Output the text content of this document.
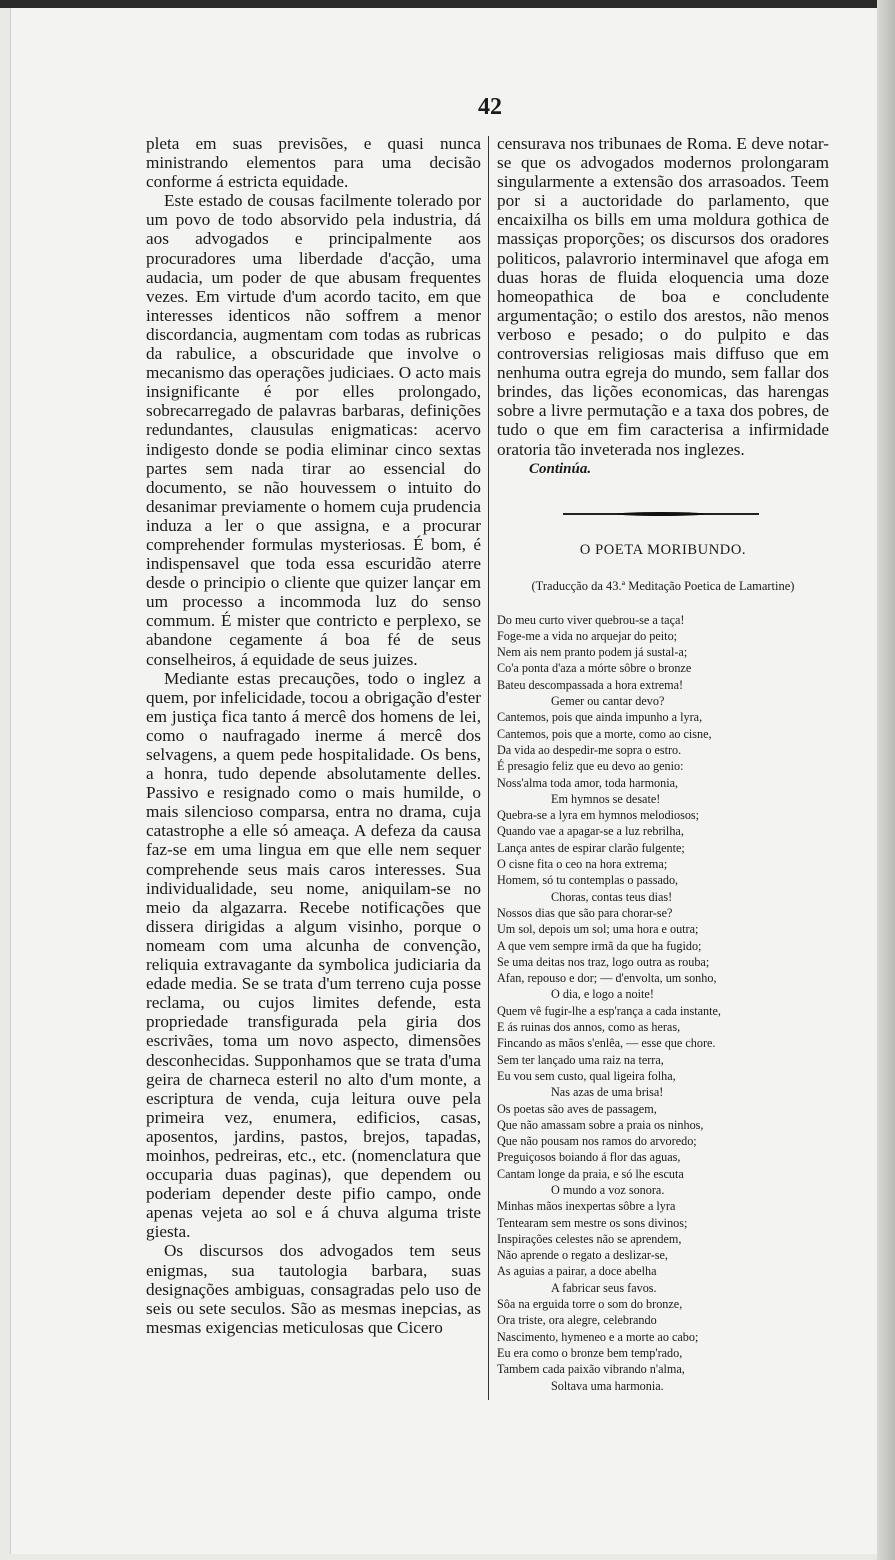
42

pleta em suas previsões, e quasi nunca ministrando elementos para uma decisão conforme á estricta equidade.

Este estado de cousas facilmente tolerado por um povo de todo absorvido pela industria, dá aos advogados e principalmente aos procuradores uma liberdade d'acção, uma audacia, um poder de que abusam frequentes vezes. Em virtude d'um acordo tacito, em que interesses identicos não soffrem a menor discordancia, augmentam com todas as rubricas da rabulice, a obscuridade que involve o mecanismo das operações judiciaes. O acto mais insignificante é por elles prolongado, sobrecarregado de palavras barbaras, definições redundantes, clausulas enigmaticas: acervo indigesto donde se podia eliminar cinco sextas partes sem nada tirar ao essencial do documento, se não houvessem o intuito do desanimar previamente o homem cuja prudencia induza a ler o que assigna, e a procurar comprehender formulas mysteriosas. É bom, é indispensavel que toda essa escuridão aterre desde o principio o cliente que quizer lançar em um processo a incommoda luz do senso commum. É mister que contricto e perplexo, se abandone cegamente á boa fé de seus conselheiros, á equidade de seus juizes.

Mediante estas precauções, todo o inglez a quem, por infelicidade, tocou a obrigação d'ester em justiça fica tanto á mercê dos homens de lei, como o naufragado inerme á mercê dos selvagens, a quem pede hospitalidade. Os bens, a honra, tudo depende absolutamente delles. Passivo e resignado como o mais humilde, o mais silencioso comparsa, entra no drama, cuja catastrophe a elle só ameaça. A defeza da causa faz-se em uma lingua em que elle nem sequer comprehende seus mais caros interesses. Sua individualidade, seu nome, aniquilam-se no meio da algazarra. Recebe notificações que dissera dirigidas a algum visinho, porque o nomeam com uma alcunha de convenção, reliquia extravagante da symbolica judiciaria da edade media. Se se trata d'um terreno cuja posse reclama, ou cujos limites defende, esta propriedade transfigurada pela giria dos escrivães, toma um novo aspecto, dimensões desconhecidas. Supponhamos que se trata d'uma geira de charneca esteril no alto d'um monte, a escriptura de venda, cuja leitura ouve pela primeira vez, enumera, edificios, casas, aposentos, jardins, pastos, brejos, tapadas, moinhos, pedreiras, etc., etc. (nomenclatura que occuparia duas paginas), que dependem ou poderiam depender deste pifio campo, onde apenas vejeta ao sol e á chuva alguma triste giesta.

Os discursos dos advogados tem seus enigmas, sua tautologia barbara, suas designações ambiguas, consagradas pelo uso de seis ou sete seculos. São as mesmas inepcias, as mesmas exigencias meticulosas que Cicero

censurava nos tribunaes de Roma. E deve notar-se que os advogados modernos prolongaram singularmente a extensão dos arrasoados. Teem por si a auctoridade do parlamento, que encaixilha os bills em uma moldura gothica de massiças proporções; os discursos dos oradores politicos, palavrorio interminavel que afoga em duas horas de fluida eloquencia uma doze homeopathica de boa e concludente argumentação; o estilo dos arestos, não menos verboso e pesado; o do pulpito e das controversias religiosas mais diffuso que em nenhuma outra egreja do mundo, sem fallar dos brindes, das lições economicas, das harengas sobre a livre permutação e a taxa dos pobres, de tudo o que em fim caracterisa a infirmidade oratoria tão inveterada nos inglezes.

Continúa.
O POETA MORIBUNDO.
(Traducção da 43.ª Meditação Poetica de Lamartine)
Do meu curto viver quebrou-se a taça!
Foge-me a vida no arquejar do peito;
Nem ais nem pranto podem já sustal-a;
Co'a ponta d'aza a mórte sôbre o bronze
Bateu descompassada a hora extrema!
Gemer ou cantar devo?
Cantemos, pois que ainda impunho a lyra,
Cantemos, pois que a morte, como ao cisne,
Da vida ao despedir-me sopra o estro.
É presagio feliz que eu devo ao genio:
Noss'alma toda amor, toda harmonia,
Em hymnos se desate!
Quebra-se a lyra em hymnos melodiosos;
Quando vae a apagar-se a luz rebrilha,
Lança antes de espirar clarão fulgente;
O cisne fita o ceo na hora extrema;
Homem, só tu contemplas o passado,
Choras, contas teus dias!
Nossos dias que são para chorar-se?
Um sol, depois um sol; uma hora e outra;
A que vem sempre irmã da que ha fugido;
Se uma deitas nos traz, logo outra as rouba;
Afan, repouso e dor; — d'envolta, um sonho,
O dia, e logo a noite!
Quem vê fugir-lhe a esp'rança a cada instante,
E ás ruinas dos annos, como as heras,
Fincando as mãos s'enlêa, — esse que chore.
Sem ter lançado uma raiz na terra,
Eu vou sem custo, qual ligeira folha,
Nas azas de uma brisa!
Os poetas são aves de passagem,
Que não amassam sobre a praia os ninhos,
Que não pousam nos ramos do arvoredo;
Preguiçosos boiando á flor das aguas,
Cantam longe da praia, e só lhe escuta
O mundo a voz sonora.
Minhas mãos inexpertas sôbre a lyra
Tentearam sem mestre os sons divinos;
Inspirações celestes não se aprendem,
Não aprende o regato a deslizar-se,
As aguias a pairar, a doce abelha
A fabricar seus favos.
Sôa na erguida torre o som do bronze,
Ora triste, ora alegre, celebrando
Nascimento, hymeneo e a morte ao cabo;
Eu era como o bronze bem temp'rado,
Tambem cada paixão vibrando n'alma,
Soltava uma harmonia.
